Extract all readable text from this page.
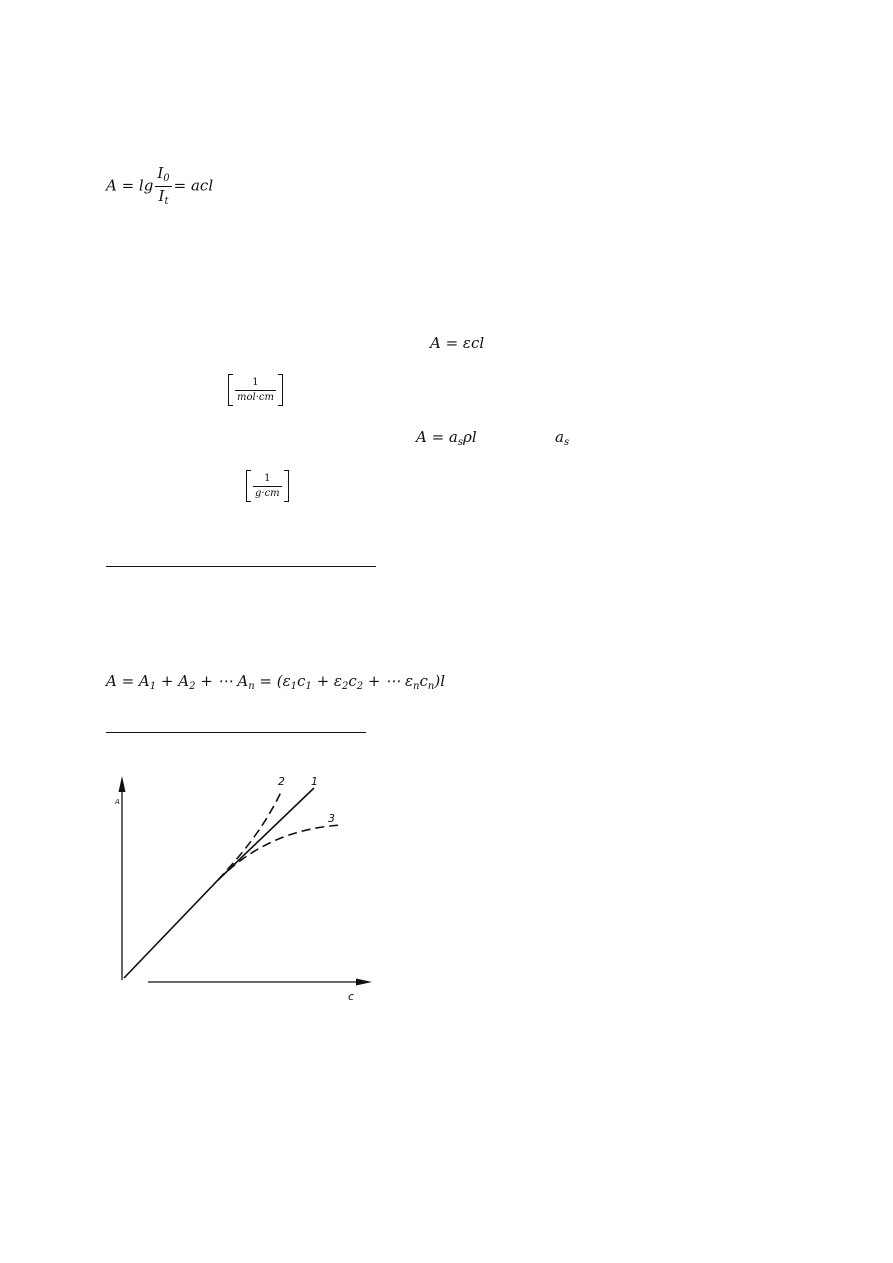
$A = \lg \frac{I_0}{I_t}$ = acl
A = εcl
$\frac{1}{\text{mol·cm}}$
$A = a_s\rho l$	$a_s$
$\frac{1}{g\cdot cm}$
$A = A_1 + A_2$ + ⋯ $A_n = (\varepsilon_1c_1 + \varepsilon_2c_2$ + ⋯ $\varepsilon_nc_n)l$
A
c
2 1
3
